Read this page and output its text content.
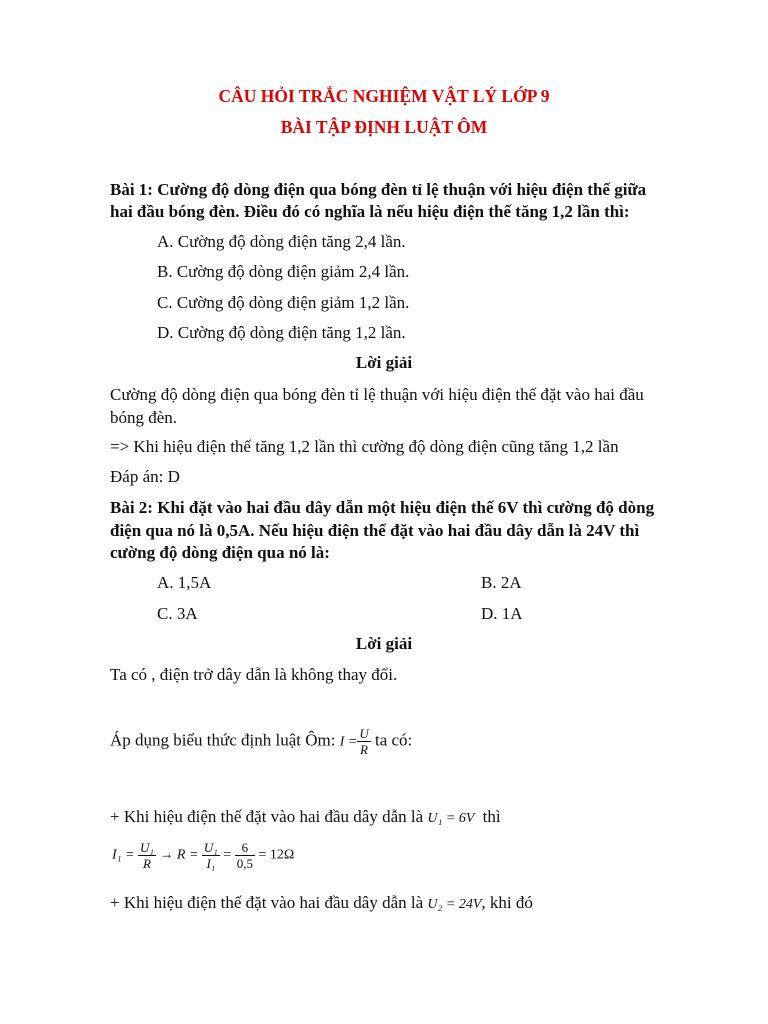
CÂU HỎI TRẮC NGHIỆM VẬT LÝ LỚP 9
BÀI TẬP ĐỊNH LUẬT ÔM
Bài 1: Cường độ dòng điện qua bóng đèn tỉ lệ thuận với hiệu điện thế giữa
hai đầu bóng đèn. Điều đó có nghĩa là nếu hiệu điện thế tăng 1,2 lần thì:
A. Cường độ dòng điện tăng 2,4 lần.
B. Cường độ dòng điện giảm 2,4 lần.
C. Cường độ dòng điện giảm 1,2 lần.
D. Cường độ dòng điện tăng 1,2 lần.
Lời giải
Cường độ dòng điện qua bóng đèn tỉ lệ thuận với hiệu điện thế đặt vào hai đầu
bóng đèn.
=> Khi hiệu điện thế tăng 1,2 lần thì cường độ dòng điện cũng tăng 1,2 lần
Đáp án: D
Bài 2: Khi đặt vào hai đầu dây dẫn một hiệu điện thế 6V thì cường độ dòng
điện qua nó là 0,5A. Nếu hiệu điện thế đặt vào hai đầu dây dẫn là 24V thì
cường độ dòng điện qua nó là:
A. 1,5A	B. 2A
C. 3A	D. 1A
Lời giải
Ta có , điện trở dây dẫn là không thay đổi.
Áp dụng biểu thức định luật Ôm: $I = \frac{U}{R}$ ta có:
+ Khi hiệu điện thế đặt vào hai đầu dây dẫn là U₁ = 6V thì
$I_1 = \frac{\text{U₁}}{R} \to R = \frac{\text{U₁}}{\text{I₁}} = \frac{6}{0,5} = 12\Omega$
+ Khi hiệu điện thế đặt vào hai đầu dây dẫn là U₂ = 24V, khi đó
